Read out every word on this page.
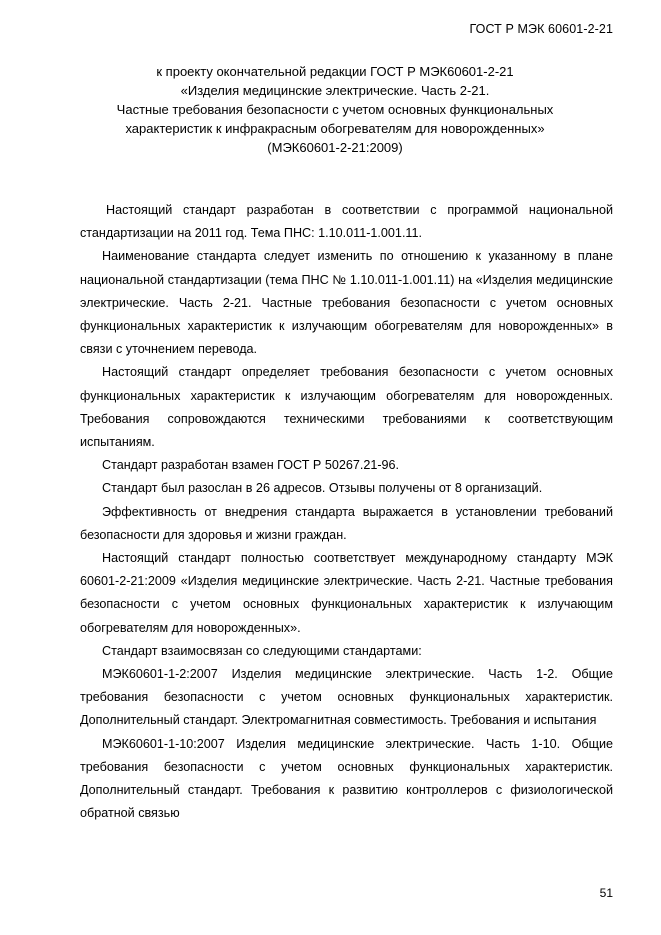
ГОСТ Р МЭК 60601-2-21
к проекту окончательной редакции ГОСТ Р МЭК60601-2-21
«Изделия медицинские электрические. Часть 2-21.
Частные требования безопасности с учетом основных функциональных
характеристик к инфракрасным обогревателям для новорожденных»
(МЭК60601-2-21:2009)

Настоящий стандарт разработан в соответствии с программой национальной стандартизации на 2011 год. Тема ПНС: 1.10.011-1.001.11.

Наименование стандарта следует изменить по отношению к указанному в плане национальной стандартизации (тема ПНС № 1.10.011-1.001.11) на «Изделия медицинские электрические. Часть 2-21. Частные требования безопасности с учетом основных функциональных характеристик к излучающим обогревателям для новорожденных» в связи с уточнением перевода.

Настоящий стандарт определяет требования безопасности с учетом основных функциональных характеристик к излучающим обогревателям для новорожденных. Требования сопровождаются техническими требованиями к соответствующим испытаниям.

Стандарт разработан взамен ГОСТ Р 50267.21-96.

Стандарт был разослан в 26 адресов. Отзывы получены от 8 организаций.

Эффективность от внедрения стандарта выражается в установлении требований безопасности для здоровья и жизни граждан.

Настоящий стандарт полностью соответствует международному стандарту МЭК 60601-2-21:2009 «Изделия медицинские электрические. Часть 2-21. Частные требования безопасности с учетом основных функциональных характеристик к излучающим обогревателям для новорожденных».

Стандарт взаимосвязан со следующими стандартами:

МЭК60601-1-2:2007 Изделия медицинские электрические. Часть 1-2. Общие требования безопасности с учетом основных функциональных характеристик. Дополнительный стандарт. Электромагнитная совместимость. Требования и испытания

МЭК60601-1-10:2007 Изделия медицинские электрические. Часть 1-10. Общие требования безопасности с учетом основных функциональных характеристик. Дополнительный стандарт. Требования к развитию контроллеров с физиологической обратной связью

51
